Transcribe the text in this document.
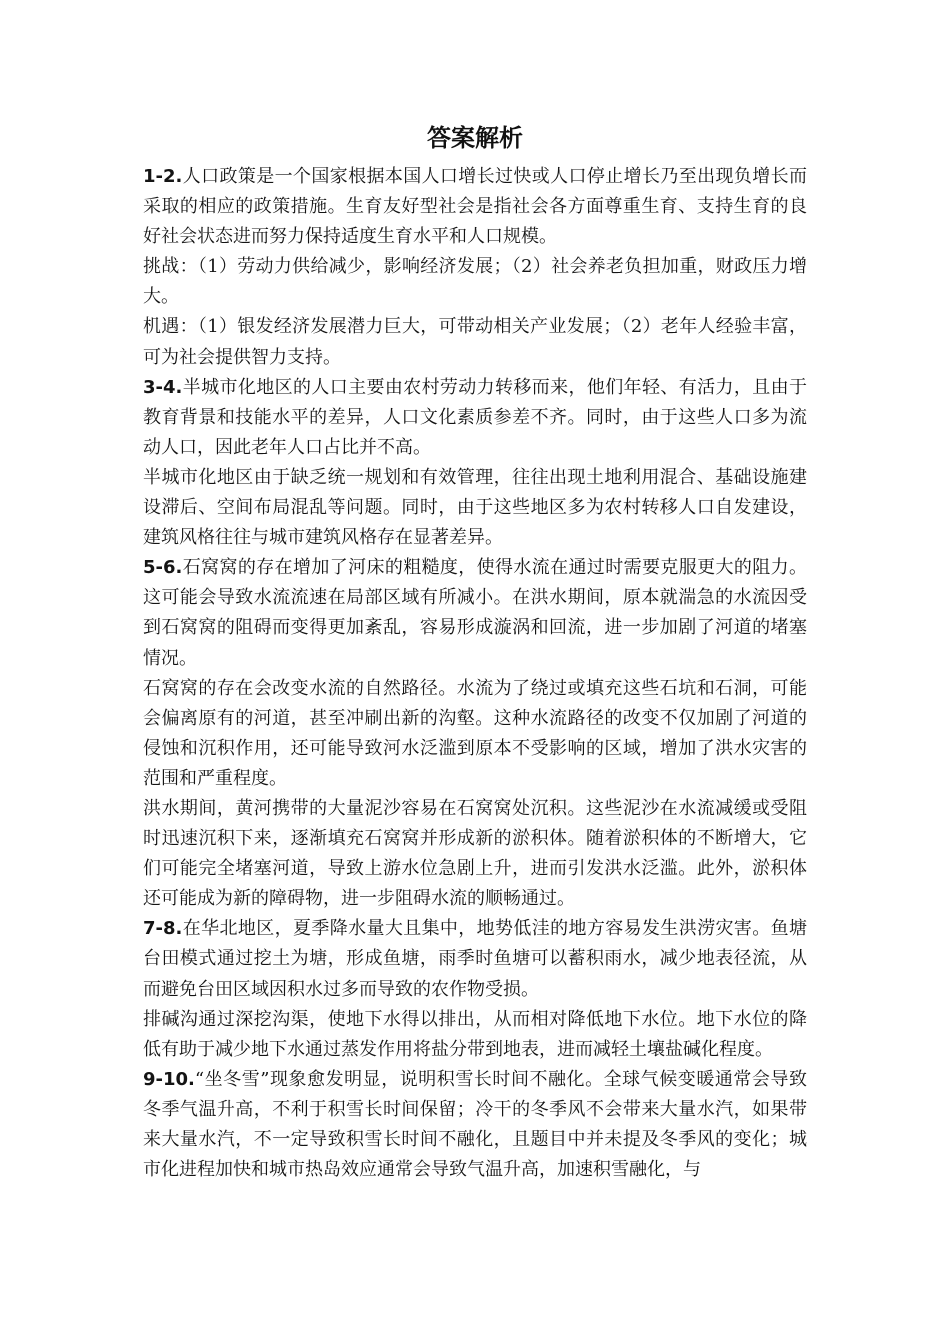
答案解析

1-2.人口政策是一个国家根据本国人口增长过快或人口停止增长乃至出现负增长而采取的相应的政策措施。生育友好型社会是指社会各方面尊重生育、支持生育的良好社会状态进而努力保持适度生育水平和人口规模。

挑战：（1）劳动力供给减少，影响经济发展；（2）社会养老负担加重，财政压力增大。

机遇：（1）银发经济发展潜力巨大，可带动相关产业发展；（2）老年人经验丰富，可为社会提供智力支持。

3-4.半城市化地区的人口主要由农村劳动力转移而来，他们年轻、有活力，且由于教育背景和技能水平的差异，人口文化素质参差不齐。同时，由于这些人口多为流动人口，因此老年人口占比并不高。

半城市化地区由于缺乏统一规划和有效管理，往往出现土地利用混合、基础设施建设滞后、空间布局混乱等问题。同时，由于这些地区多为农村转移人口自发建设，建筑风格往往与城市建筑风格存在显著差异。

5-6.石窝窝的存在增加了河床的粗糙度，使得水流在通过时需要克服更大的阻力。这可能会导致水流流速在局部区域有所减小。在洪水期间，原本就湍急的水流因受到石窝窝的阻碍而变得更加紊乱，容易形成漩涡和回流，进一步加剧了河道的堵塞情况。

石窝窝的存在会改变水流的自然路径。水流为了绕过或填充这些石坑和石洞，可能会偏离原有的河道，甚至冲刷出新的沟壑。这种水流路径的改变不仅加剧了河道的侵蚀和沉积作用，还可能导致河水泛滥到原本不受影响的区域，增加了洪水灾害的范围和严重程度。

洪水期间，黄河携带的大量泥沙容易在石窝窝处沉积。这些泥沙在水流减缓或受阻时迅速沉积下来，逐渐填充石窝窝并形成新的淤积体。随着淤积体的不断增大，它们可能完全堵塞河道，导致上游水位急剧上升，进而引发洪水泛滥。此外，淤积体还可能成为新的障碍物，进一步阻碍水流的顺畅通过。

7-8.在华北地区，夏季降水量大且集中，地势低洼的地方容易发生洪涝灾害。鱼塘台田模式通过挖土为塘，形成鱼塘，雨季时鱼塘可以蓄积雨水，减少地表径流，从而避免台田区域因积水过多而导致的农作物受损。

排碱沟通过深挖沟渠，使地下水得以排出，从而相对降低地下水位。地下水位的降低有助于减少地下水通过蒸发作用将盐分带到地表，进而减轻土壤盐碱化程度。

9-10.“坐冬雪”现象愈发明显，说明积雪长时间不融化。全球气候变暖通常会导致冬季气温升高，不利于积雪长时间保留；冷干的冬季风不会带来大量水汽，如果带来大量水汽，不一定导致积雪长时间不融化，且题目中并未提及冬季风的变化；城市化进程加快和城市热岛效应通常会导致气温升高，加速积雪融化，与
